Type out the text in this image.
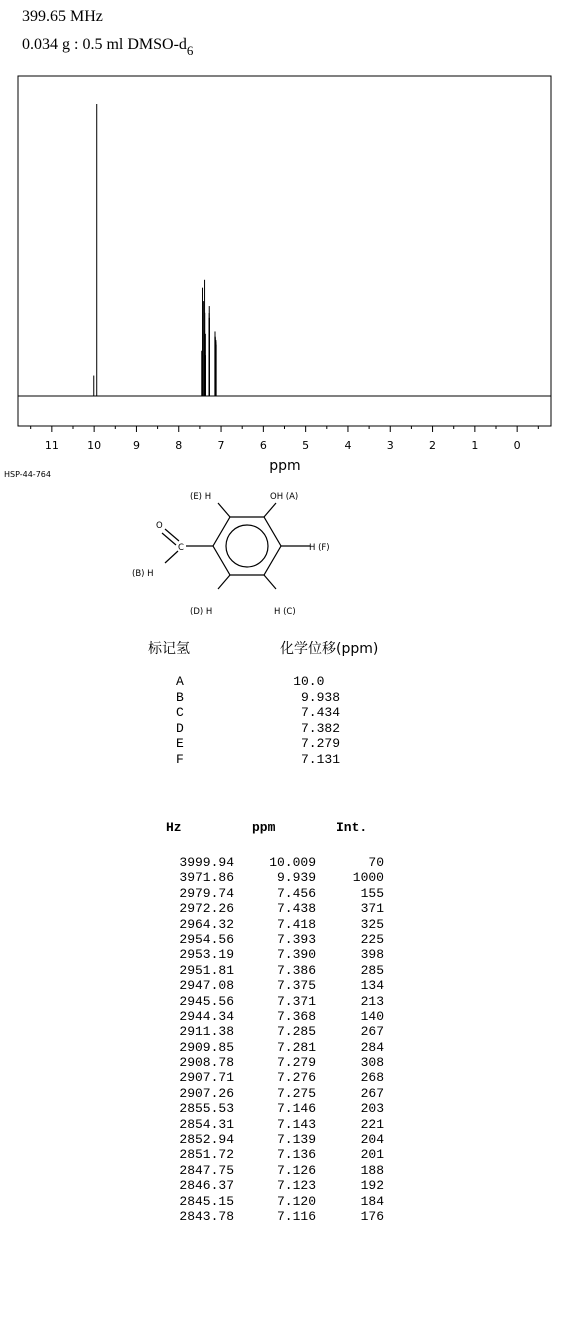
399.65 MHz
0.034 g : 0.5 ml DMSO-$d_6$
11	10	9	8	7	6	5	4	3	2	1	0
ppm
HSP-44-764
(E) H	OH (A)
O
C
(B) H
H (F)
(D) H	H (C)
标记氢	化学位移(ppm)
A	10.0
B	9.938
C	7.434
D	7.382
E	7.279
F	7.131
Hz	ppm	Int.
3999.94	10.009	70
3971.86	9.939	1000
2979.74	7.456	155
2972.26	7.438	371
2964.32	7.418	325
2954.56	7.393	225
2953.19	7.390	398
2951.81	7.386	285
2947.08	7.375	134
2945.56	7.371	213
2944.34	7.368	140
2911.38	7.285	267
2909.85	7.281	284
2908.78	7.279	308
2907.71	7.276	268
2907.26	7.275	267
2855.53	7.146	203
2854.31	7.143	221
2852.94	7.139	204
2851.72	7.136	201
2847.75	7.126	188
2846.37	7.123	192
2845.15	7.120	184
2843.78	7.116	176
